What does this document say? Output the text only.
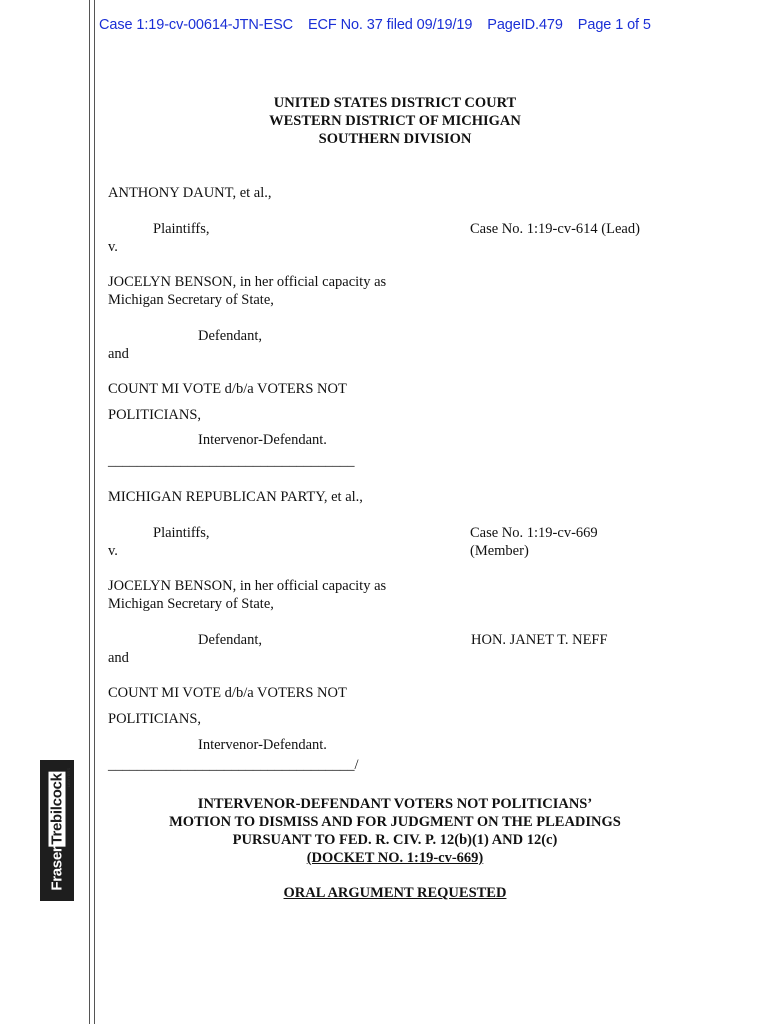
Case 1:19-cv-00614-JTN-ESC ECF No. 37 filed 09/19/19 PageID.479 Page 1 of 5
UNITED STATES DISTRICT COURT
WESTERN DISTRICT OF MICHIGAN
SOUTHERN DIVISION
ANTHONY DAUNT, et al.,
Plaintiffs,	Case No. 1:19-cv-614 (Lead)
v.
JOCELYN BENSON, in her official capacity as
Michigan Secretary of State,
Defendant,
and
COUNT MI VOTE d/b/a VOTERS NOT
POLITICIANS,
Intervenor-Defendant.
__________________________________
MICHIGAN REPUBLICAN PARTY, et al.,
Plaintiffs,	Case No. 1:19-cv-669
v.	(Member)
JOCELYN BENSON, in her official capacity as
Michigan Secretary of State,
Defendant,	HON. JANET T. NEFF
and
COUNT MI VOTE d/b/a VOTERS NOT
POLITICIANS,
Intervenor-Defendant.
__________________________________/
INTERVENOR-DEFENDANT VOTERS NOT POLITICIANS’
MOTION TO DISMISS AND FOR JUDGMENT ON THE PLEADINGS
PURSUANT TO FED. R. CIV. P. 12(b)(1) AND 12(c)
(DOCKET NO. 1:19-cv-669)
ORAL ARGUMENT REQUESTED
FraserTrebilcock LAWYERS
